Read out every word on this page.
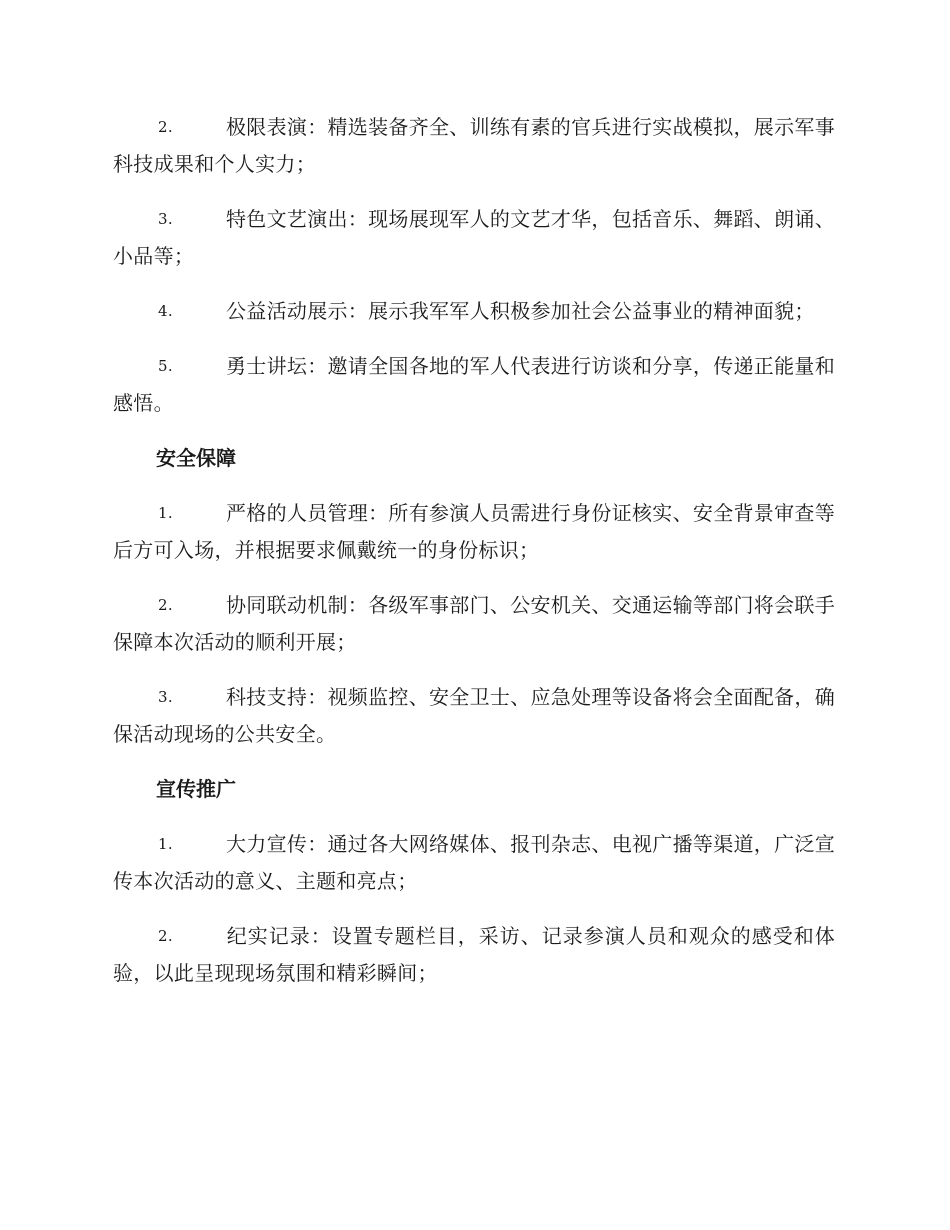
2.	极限表演：精选装备齐全、训练有素的官兵进行实战模拟，展示军事科技成果和个人实力；
3.	特色文艺演出：现场展现军人的文艺才华，包括音乐、舞蹈、朗诵、小品等；
4.	公益活动展示：展示我军军人积极参加社会公益事业的精神面貌；
5.	勇士讲坛：邀请全国各地的军人代表进行访谈和分享，传递正能量和感悟。
安全保障
1.	严格的人员管理：所有参演人员需进行身份证核实、安全背景审查等后方可入场，并根据要求佩戴统一的身份标识；
2.	协同联动机制：各级军事部门、公安机关、交通运输等部门将会联手保障本次活动的顺利开展；
3.	科技支持：视频监控、安全卫士、应急处理等设备将会全面配备，确保活动现场的公共安全。
宣传推广
1.	大力宣传：通过各大网络媒体、报刊杂志、电视广播等渠道，广泛宣传本次活动的意义、主题和亮点；
2.	纪实记录：设置专题栏目，采访、记录参演人员和观众的感受和体验，以此呈现现场氛围和精彩瞬间；
